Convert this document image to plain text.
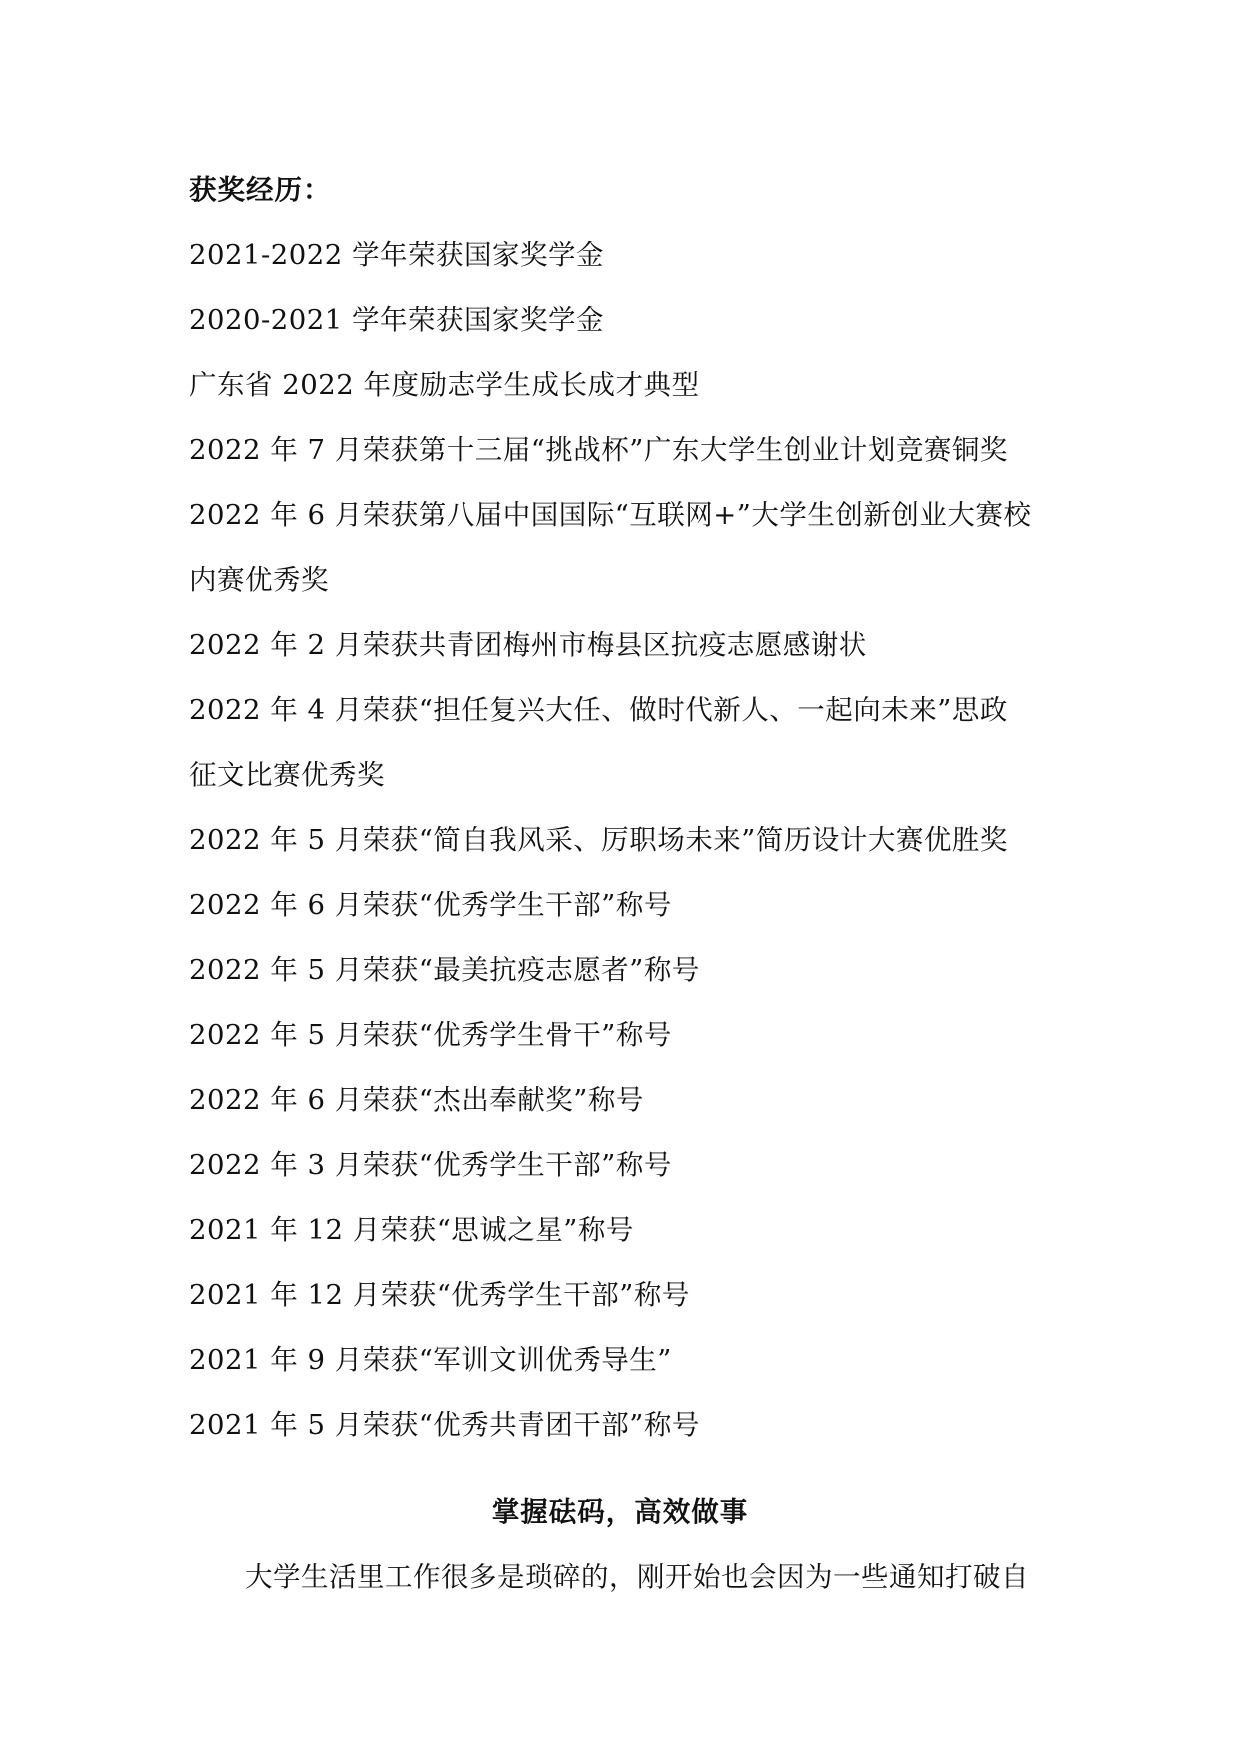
获奖经历：
2021-2022 学年荣获国家奖学金
2020-2021 学年荣获国家奖学金
广东省 2022 年度励志学生成长成才典型
2022 年 7 月荣获第十三届“挑战杯”广东大学生创业计划竞赛铜奖
2022 年 6 月荣获第八届中国国际“互联网+”大学生创新创业大赛校
内赛优秀奖
2022 年 2 月荣获共青团梅州市梅县区抗疫志愿感谢状
2022 年 4 月荣获“担任复兴大任、做时代新人、一起向未来”思政
征文比赛优秀奖
2022 年 5 月荣获“简自我风采、厉职场未来”简历设计大赛优胜奖
2022 年 6 月荣获“优秀学生干部”称号
2022 年 5 月荣获“最美抗疫志愿者”称号
2022 年 5 月荣获“优秀学生骨干”称号
2022 年 6 月荣获“杰出奉献奖”称号
2022 年 3 月荣获“优秀学生干部”称号
2021 年 12 月荣获“思诚之星”称号
2021 年 12 月荣获“优秀学生干部”称号
2021 年 9 月荣获“军训文训优秀导生”
2021 年 5 月荣获“优秀共青团干部”称号
掌握砝码，高效做事
大学生活里工作很多是琐碎的，刚开始也会因为一些通知打破自
